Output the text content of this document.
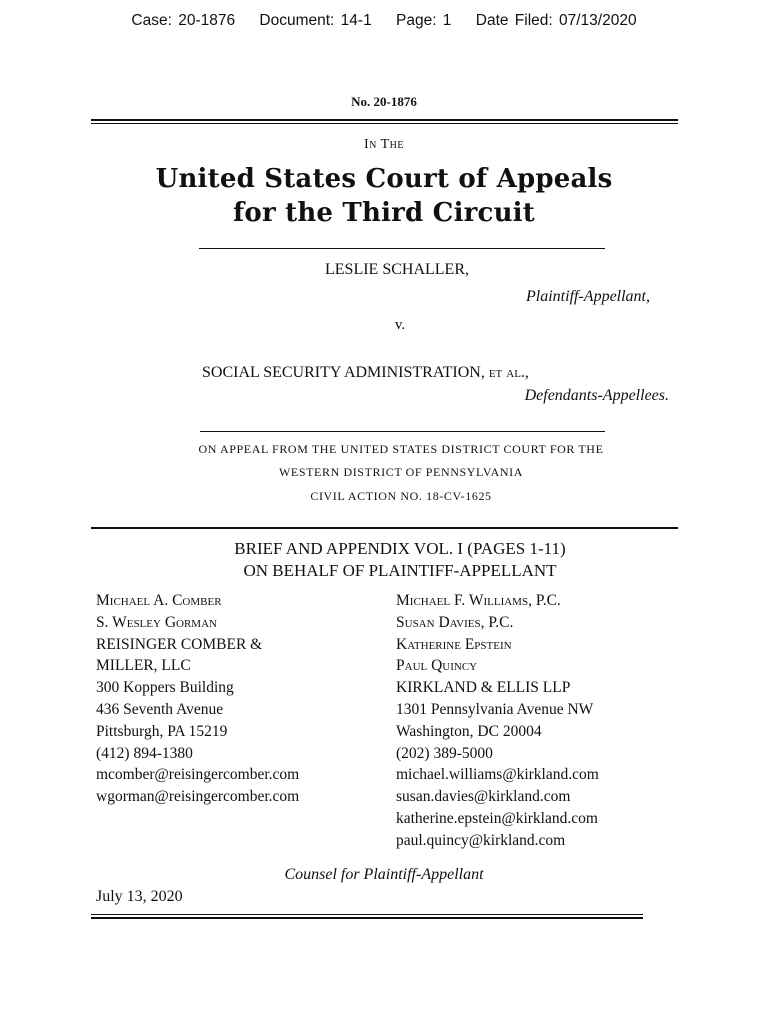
Case: 20-1876 Document: 14-1 Page: 1 Date Filed: 07/13/2020
No. 20-1876
In The
United States Court of Appeals
for the Third Circuit
LESLIE SCHALLER,
Plaintiff-Appellant,
v.
SOCIAL SECURITY ADMINISTRATION, et al.,
Defendants-Appellees.
ON APPEAL FROM THE UNITED STATES DISTRICT COURT FOR THE
WESTERN DISTRICT OF PENNSYLVANIA
CIVIL ACTION NO. 18-CV-1625
BRIEF AND APPENDIX VOL. I (PAGES 1-11)
ON BEHALF OF PLAINTIFF-APPELLANT
Michael A. Comber
S. Wesley Gorman
REISINGER COMBER &
MILLER, LLC
300 Koppers Building
436 Seventh Avenue
Pittsburgh, PA 15219
(412) 894-1380
mcomber@reisingercomber.com
wgorman@reisingercomber.com
Michael F. Williams, P.C.
Susan Davies, P.C.
Katherine Epstein
Paul Quincy
KIRKLAND & ELLIS LLP
1301 Pennsylvania Avenue NW
Washington, DC 20004
(202) 389-5000
michael.williams@kirkland.com
susan.davies@kirkland.com
katherine.epstein@kirkland.com
paul.quincy@kirkland.com
Counsel for Plaintiff-Appellant
July 13, 2020
